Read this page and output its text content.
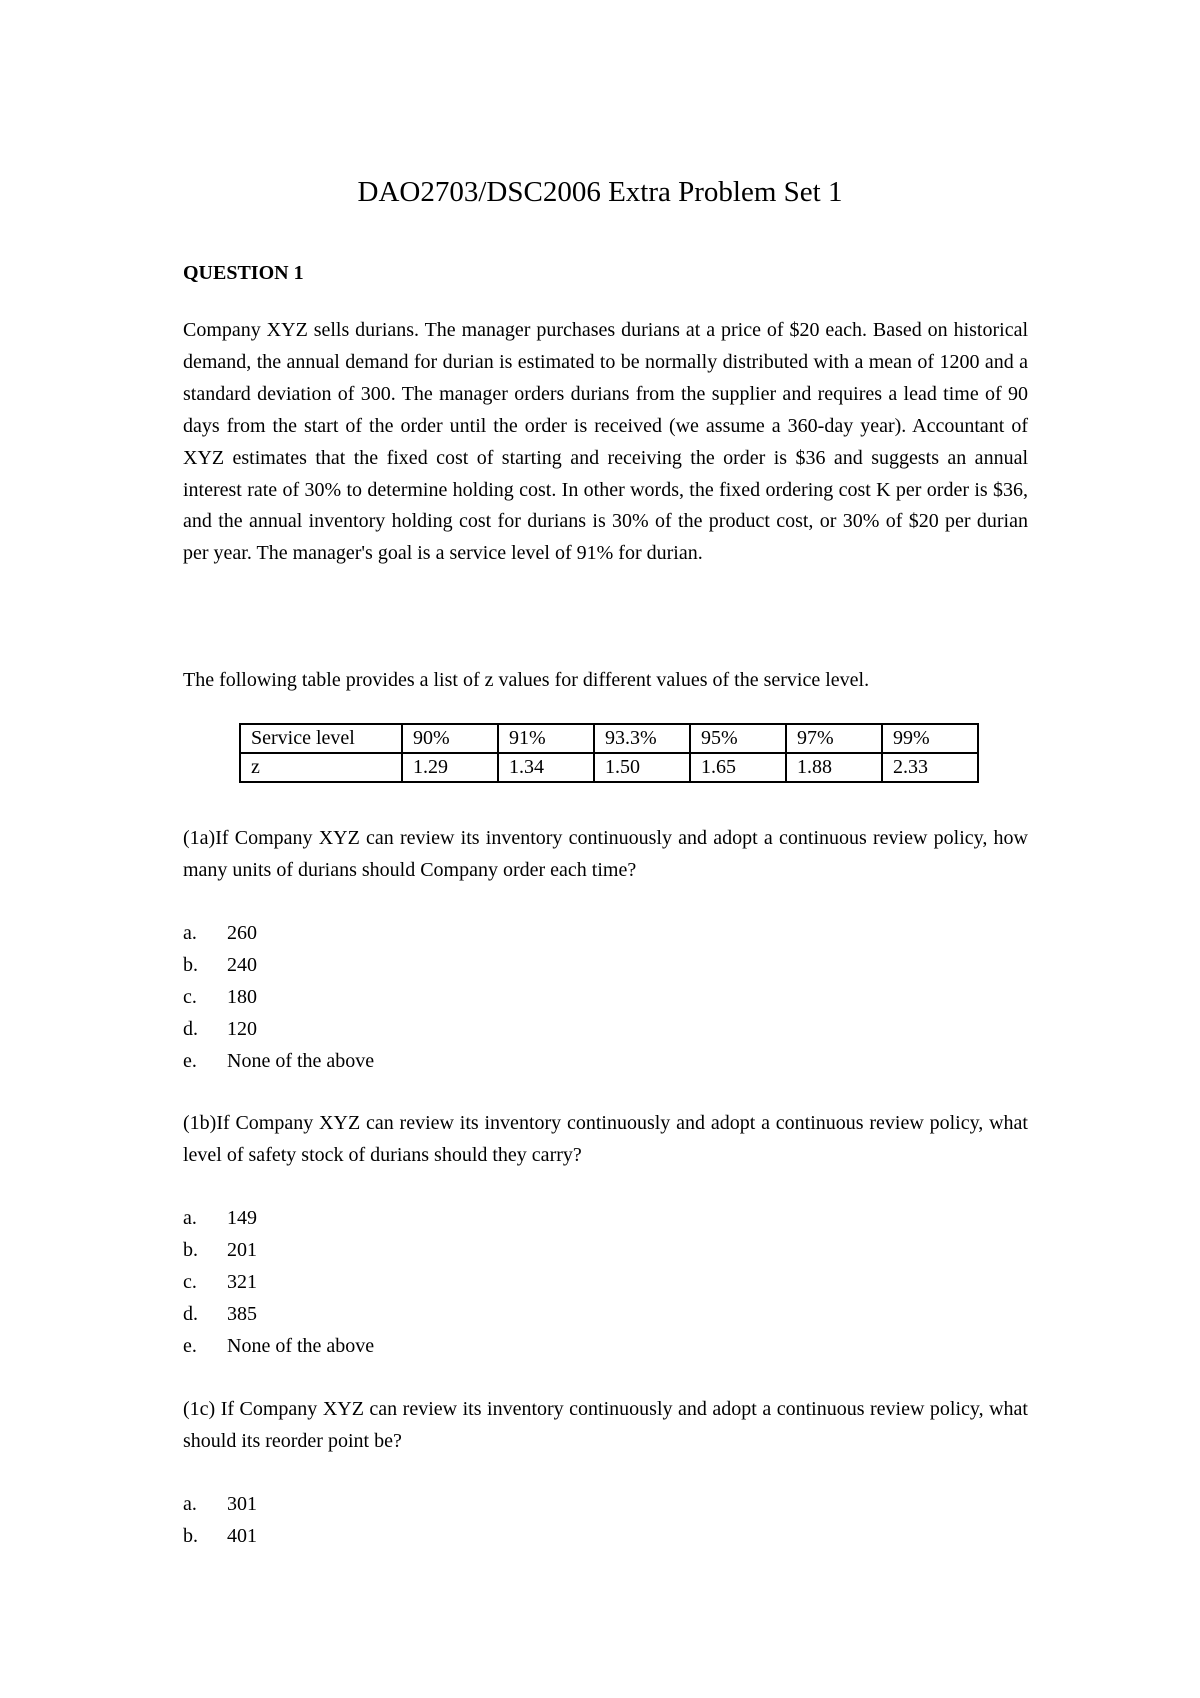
DAO2703/DSC2006 Extra Problem Set 1
QUESTION 1

Company XYZ sells durians. The manager purchases durians at a price of $20 each. Based on historical demand, the annual demand for durian is estimated to be normally distributed with a mean of 1200 and a standard deviation of 300. The manager orders durians from the supplier and requires a lead time of 90 days from the start of the order until the order is received (we assume a 360-day year). Accountant of XYZ estimates that the fixed cost of starting and receiving the order is $36 and suggests an annual interest rate of 30% to determine holding cost. In other words, the fixed ordering cost K per order is $36, and the annual inventory holding cost for durians is 30% of the product cost, or 30% of $20 per durian per year. The manager's goal is a service level of 91% for durian.

The following table provides a list of z values for different values of the service level.

Service level	90%	91%	93.3%	95%	97%	99%
z	1.29	1.34	1.50	1.65	1.88	2.33

(1a)If Company XYZ can review its inventory continuously and adopt a continuous review policy, how many units of durians should Company order each time?

a. 260
b. 240
c. 180
d. 120
e. None of the above

(1b)If Company XYZ can review its inventory continuously and adopt a continuous review policy, what level of safety stock of durians should they carry?

a. 149
b. 201
c. 321
d. 385
e. None of the above

(1c) If Company XYZ can review its inventory continuously and adopt a continuous review policy, what should its reorder point be?

a. 301
b. 401
